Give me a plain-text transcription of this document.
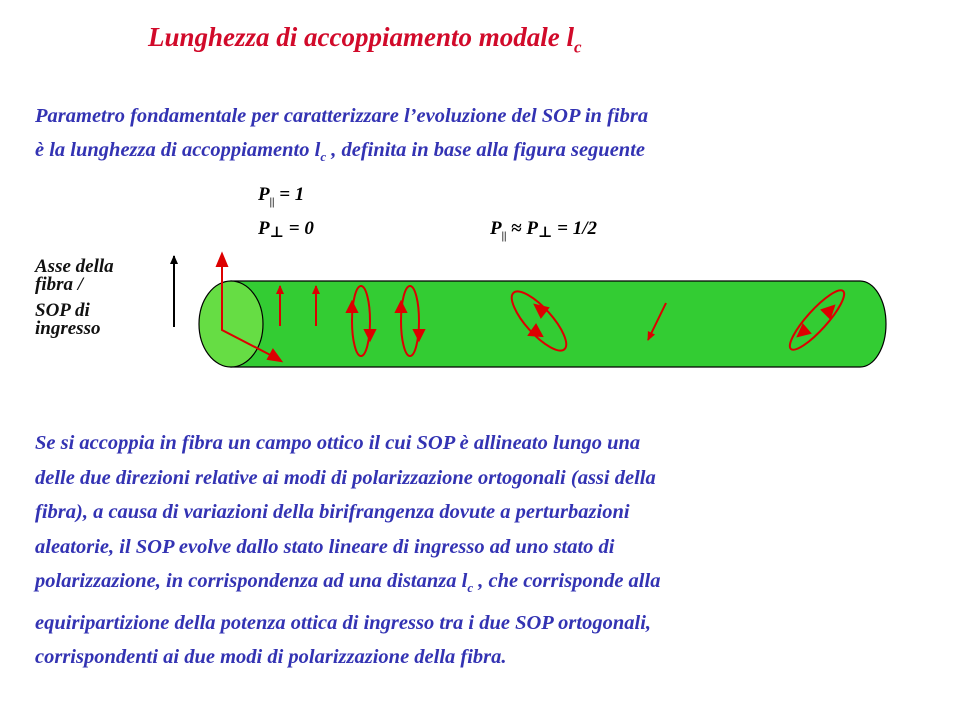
Lunghezza di accoppiamento modale $l_c$

Parametro fondamentale per caratterizzare l’evoluzione del SOP in fibra

è la lunghezza di accoppiamento $l_c$ , definita in base alla figura seguente

$P_{||} = 1$
P⊥ = 0	$P_{||}$ ≈ P⊥ = 1/2
Asse della
fibra /
SOP di
ingresso

Se si accoppia in fibra un campo ottico il cui SOP è allineato lungo una

delle due direzioni relative ai modi di polarizzazione ortogonali (assi della

fibra), a causa di variazioni della birifrangenza dovute a perturbazioni

aleatorie, il SOP evolve dallo stato lineare di ingresso ad uno stato di

polarizzazione, in corrispondenza ad una distanza $l_c$ , che corrisponde alla

equiripartizione della potenza ottica di ingresso tra i due SOP ortogonali,

corrispondenti ai due modi di polarizzazione della fibra.
